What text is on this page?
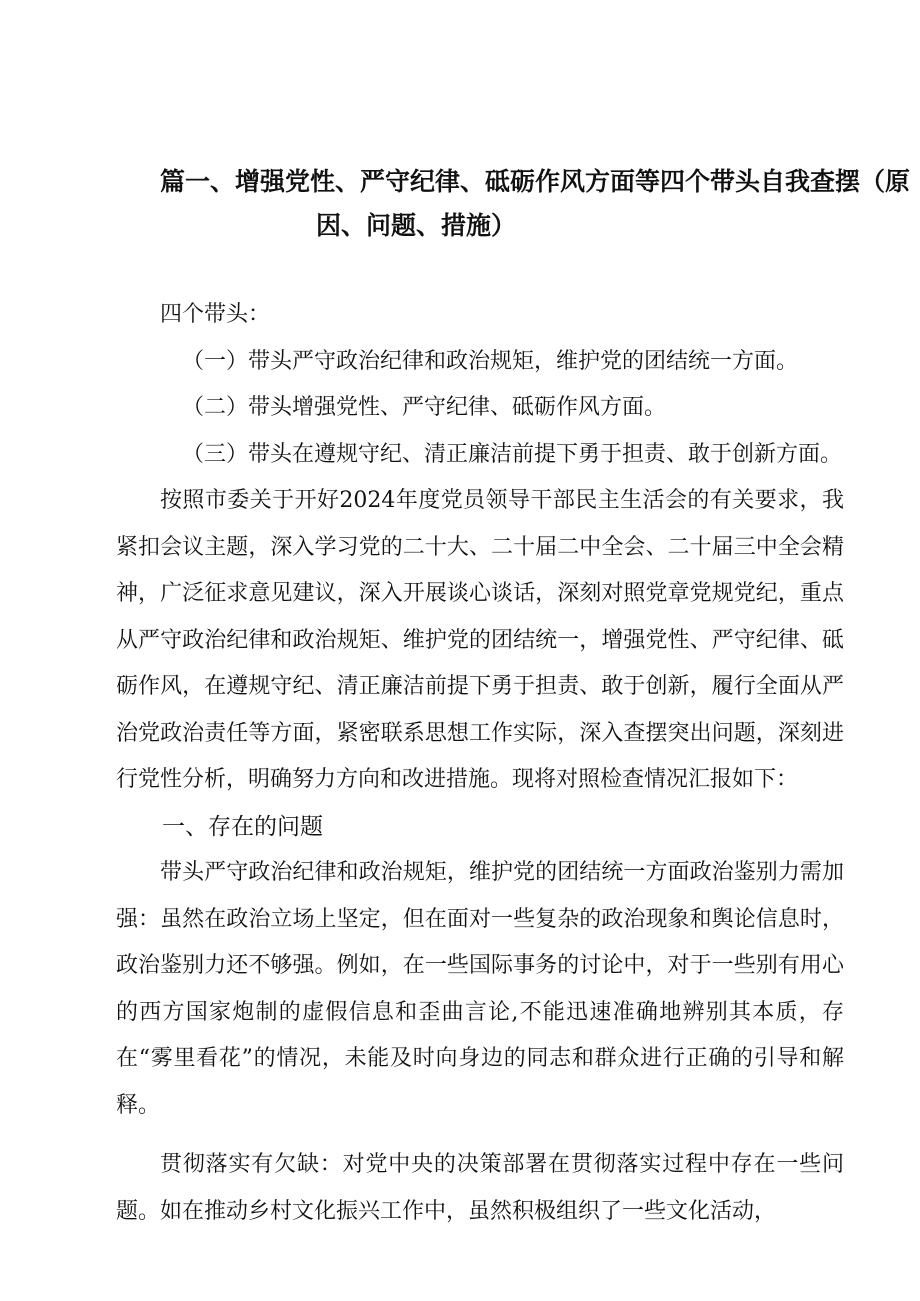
篇一、增强党性、严守纪律、砥砺作风方面等四个带头自我查摆（原
因、问题、措施）

四个带头：

（一）带头严守政治纪律和政治规矩，维护党的团结统一方面。

（二）带头增强党性、严守纪律、砥砺作风方面。

（三）带头在遵规守纪、清正廉洁前提下勇于担责、敢于创新方面。

按照市委关于开好2024年度党员领导干部民主生活会的有关要求，我紧扣会议主题，深入学习党的二十大、二十届二中全会、二十届三中全会精神，广泛征求意见建议，深入开展谈心谈话，深刻对照党章党规党纪，重点从严守政治纪律和政治规矩、维护党的团结统一，增强党性、严守纪律、砥砺作风，在遵规守纪、清正廉洁前提下勇于担责、敢于创新，履行全面从严治党政治责任等方面，紧密联系思想工作实际，深入查摆突出问题，深刻进行党性分析，明确努力方向和改进措施。现将对照检查情况汇报如下：

一、存在的问题

带头严守政治纪律和政治规矩，维护党的团结统一方面政治鉴别力需加强：虽然在政治立场上坚定，但在面对一些复杂的政治现象和舆论信息时，政治鉴别力还不够强。例如，在一些国际事务的讨论中，对于一些别有用心的西方国家炮制的虚假信息和歪曲言论,不能迅速准确地辨别其本质，存在“雾里看花”的情况，未能及时向身边的同志和群众进行正确的引导和解释。

贯彻落实有欠缺：对党中央的决策部署在贯彻落实过程中存在一些问题。如在推动乡村文化振兴工作中，虽然积极组织了一些文化活动，
